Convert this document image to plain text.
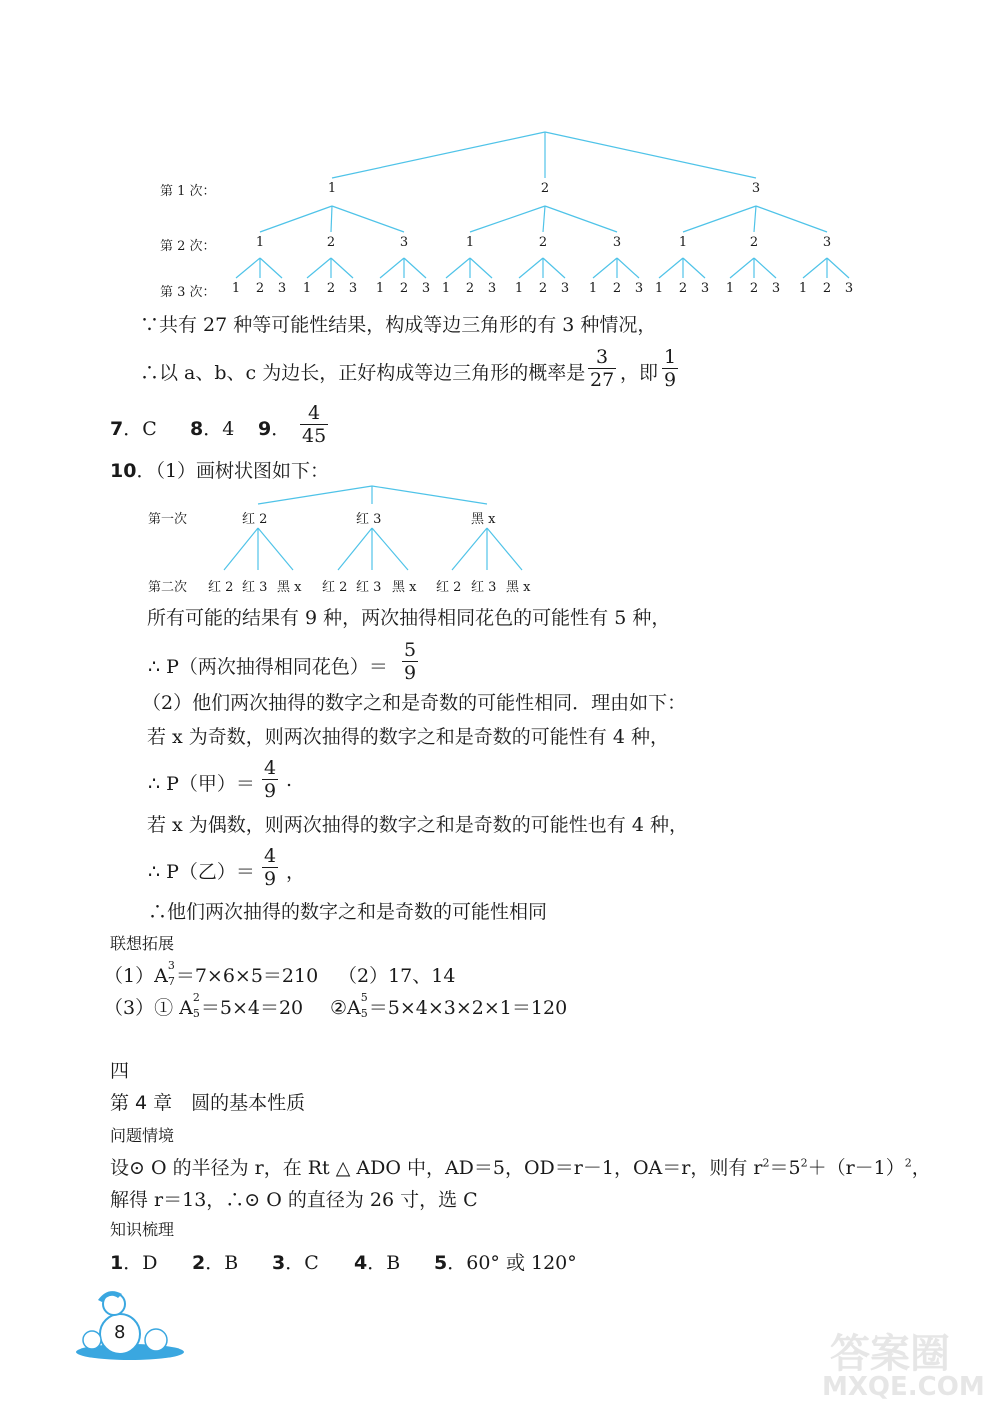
1	2	3
1
1 2 3
2
1 2 3
3
1 2 3
1
1 2 3
2
1 2 3
3
1 2 3
1
1 2 3
2
1 2 3
3
1 2 3
第 1 次：
第 2 次：
第 3 次：
∵共有 27 种等可能性结果，构成等边三角形的有 3 种情况，
∴以 a、b、c 为边长，正好构成等边三角形的概率是
3
27 ，即
1
9
7．C 8．4 9．
4
45
10．（1）画树状图如下：
第一次
第二次
红 2	红 3	黑 x
红 2 红 3 黑 x 红 2 红 3 黑 x 红 2 红 3 黑 x
所有可能的结果有 9 种，两次抽得相同花色的可能性有 5 种，
∴ P（两次抽得相同花色）＝
5
9
（2）他们两次抽得的数字之和是奇数的可能性相同．理由如下：
若 x 为奇数，则两次抽得的数字之和是奇数的可能性有 4 种，
∴ P（甲）＝
4
9 .
若 x 为偶数，则两次抽得的数字之和是奇数的可能性也有 4 种，
∴ P（乙）＝
4
9 ，
∴他们两次抽得的数字之和是奇数的可能性相同
联想拓展
（1）A 3
7 ＝7×6×5＝210 （2）17、14
（3）① A 2
5 ＝5×4＝20 ②A 5
5 ＝5×4×3×2×1＝120
四
第 4 章　圆的基本性质
问题情境
设⊙ O 的半径为 r，在 Rt △ ADO 中，AD＝5，OD＝r－1，OA＝r，则有 $r^2=5^2+(r-1)^2$，
解得 r＝13，∴⊙ O 的直径为 26 寸，选 C
知识梳理
1．D 2．B 3．C 4．B 5．60° 或 120°
8	答案圈
MXQE.COM
